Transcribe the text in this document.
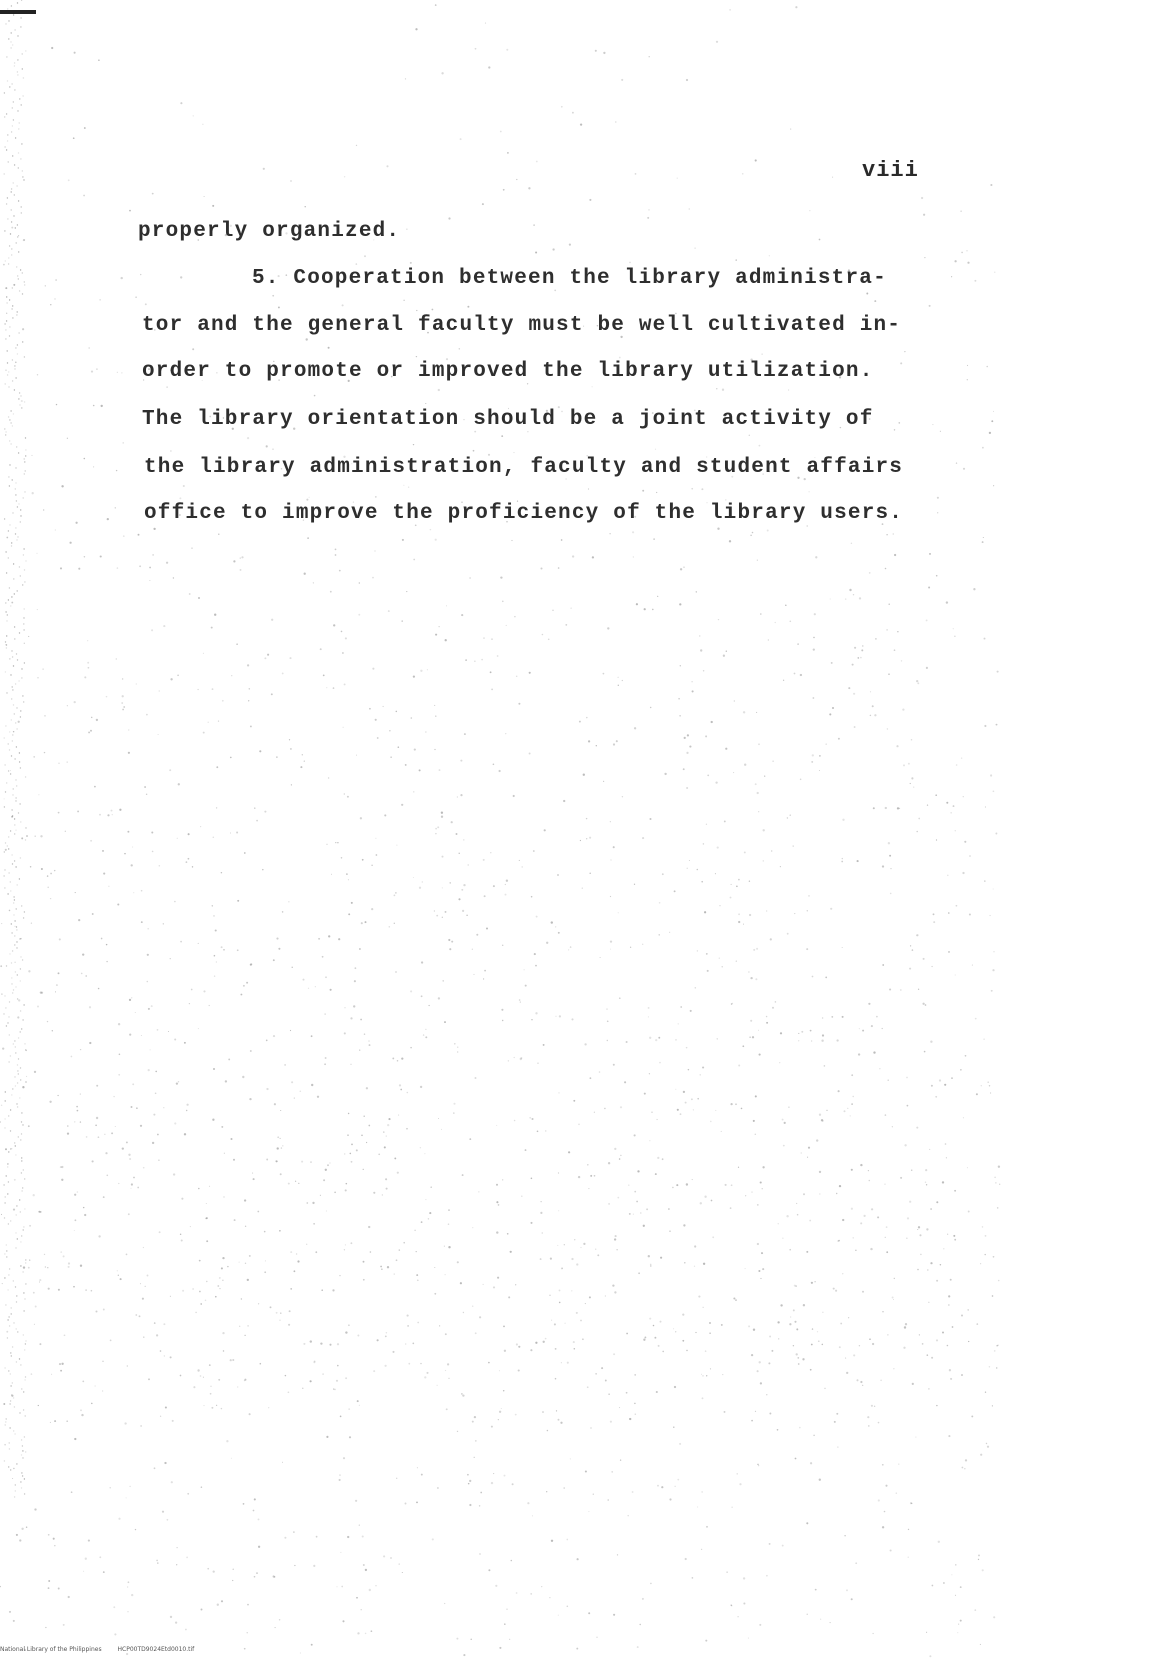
viii
properly organized.
5. Cooperation between the library administra-
tor and the general faculty must be well cultivated in-
order to promote or improved the library utilization.
The library orientation should be a joint activity of
the library administration, faculty and student affairs
office to improve the proficiency of the library users.
National Library of the Philippines	HCP00TD9024Etd0010.tif
